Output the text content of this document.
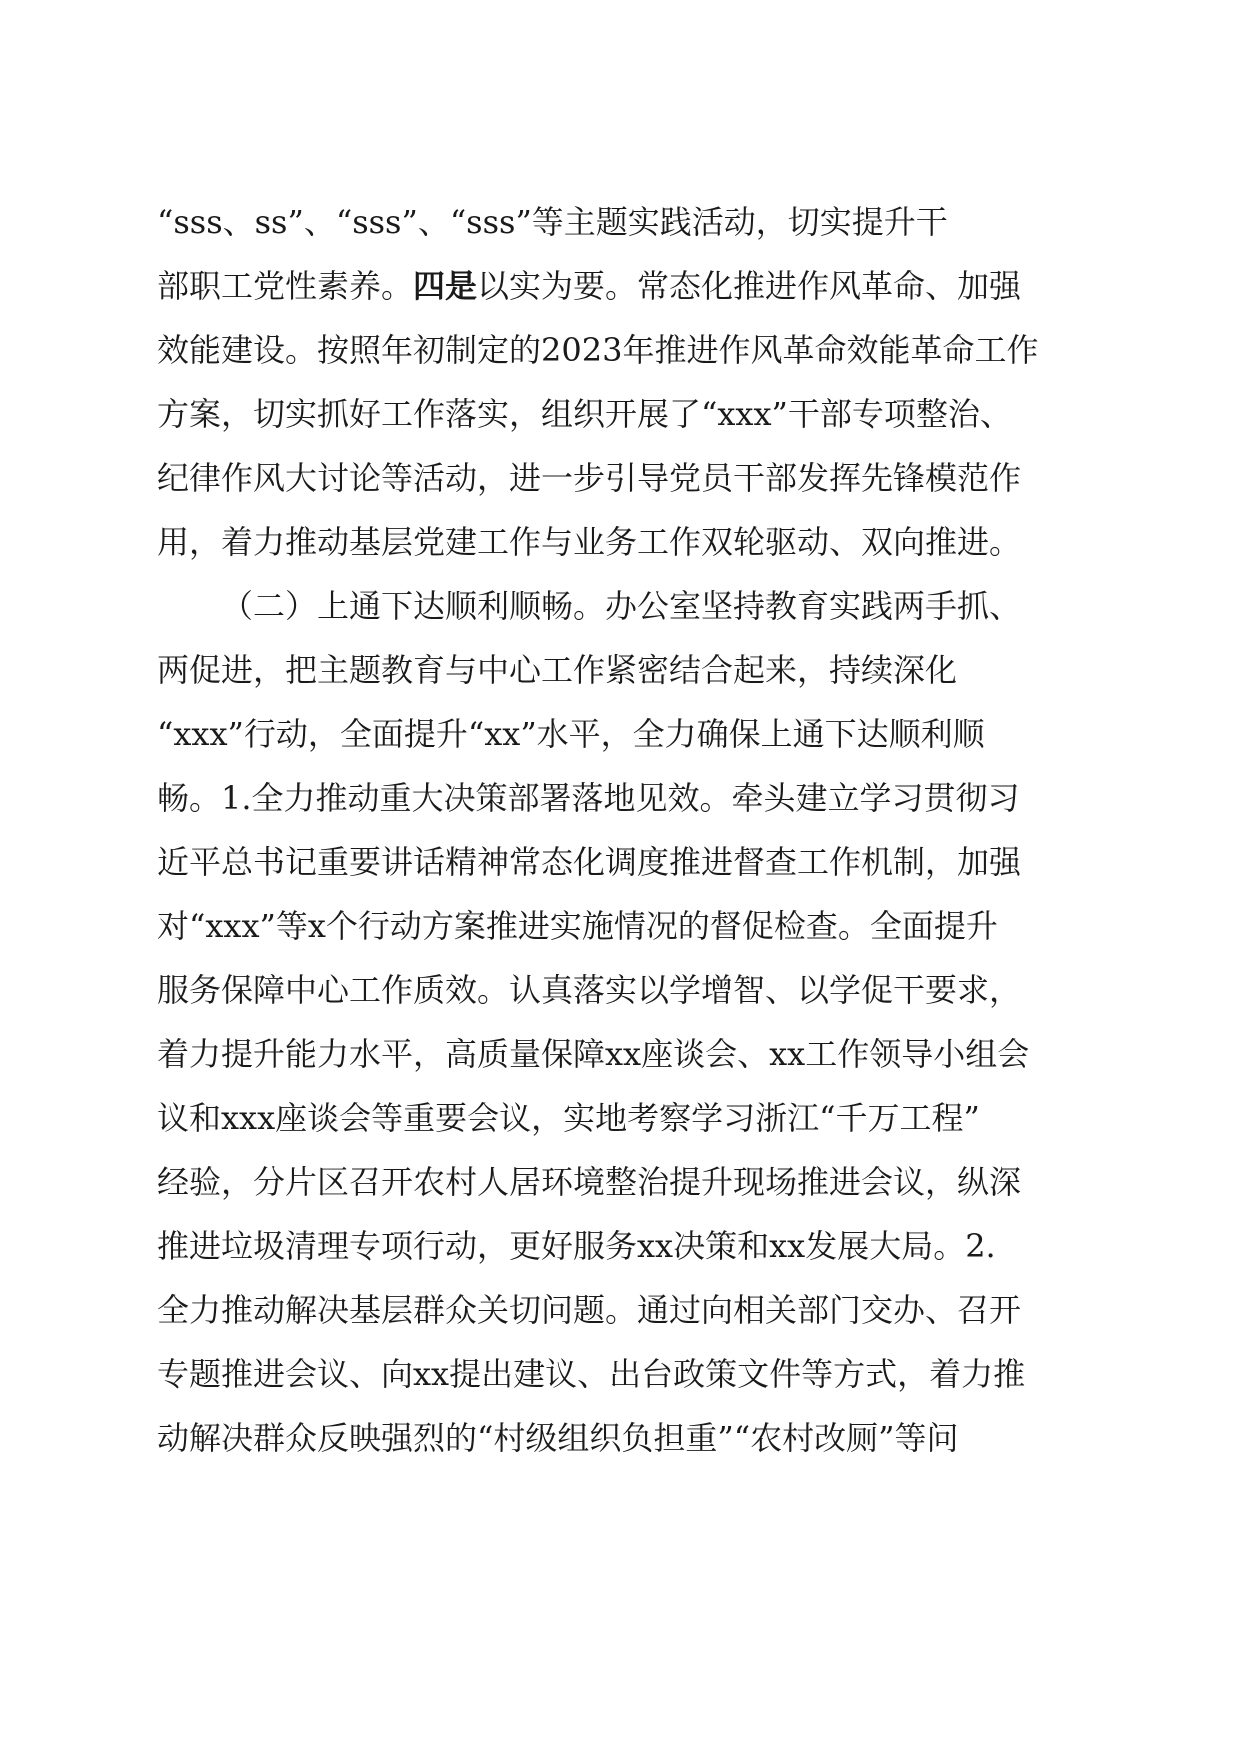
“sss、ss”、“sss”、“sss”等主题实践活动，切实提升干
部职工党性素养。四是以实为要。常态化推进作风革命、加强
效能建设。按照年初制定的2023年推进作风革命效能革命工作
方案，切实抓好工作落实，组织开展了“xxx”干部专项整治、
纪律作风大讨论等活动，进一步引导党员干部发挥先锋模范作
用，着力推动基层党建工作与业务工作双轮驱动、双向推进。
（二）上通下达顺利顺畅。办公室坚持教育实践两手抓、
两促进，把主题教育与中心工作紧密结合起来，持续深化
“xxx”行动，全面提升“xx”水平，全力确保上通下达顺利顺
畅。1.全力推动重大决策部署落地见效。牵头建立学习贯彻习
近平总书记重要讲话精神常态化调度推进督查工作机制，加强
对“xxx”等x个行动方案推进实施情况的督促检查。全面提升
服务保障中心工作质效。认真落实以学增智、以学促干要求，
着力提升能力水平，高质量保障xx座谈会、xx工作领导小组会
议和xxx座谈会等重要会议，实地考察学习浙江“千万工程”
经验，分片区召开农村人居环境整治提升现场推进会议，纵深
推进垃圾清理专项行动，更好服务xx决策和xx发展大局。2.
全力推动解决基层群众关切问题。通过向相关部门交办、召开
专题推进会议、向xx提出建议、出台政策文件等方式，着力推
动解决群众反映强烈的“村级组织负担重”“农村改厕”等问
